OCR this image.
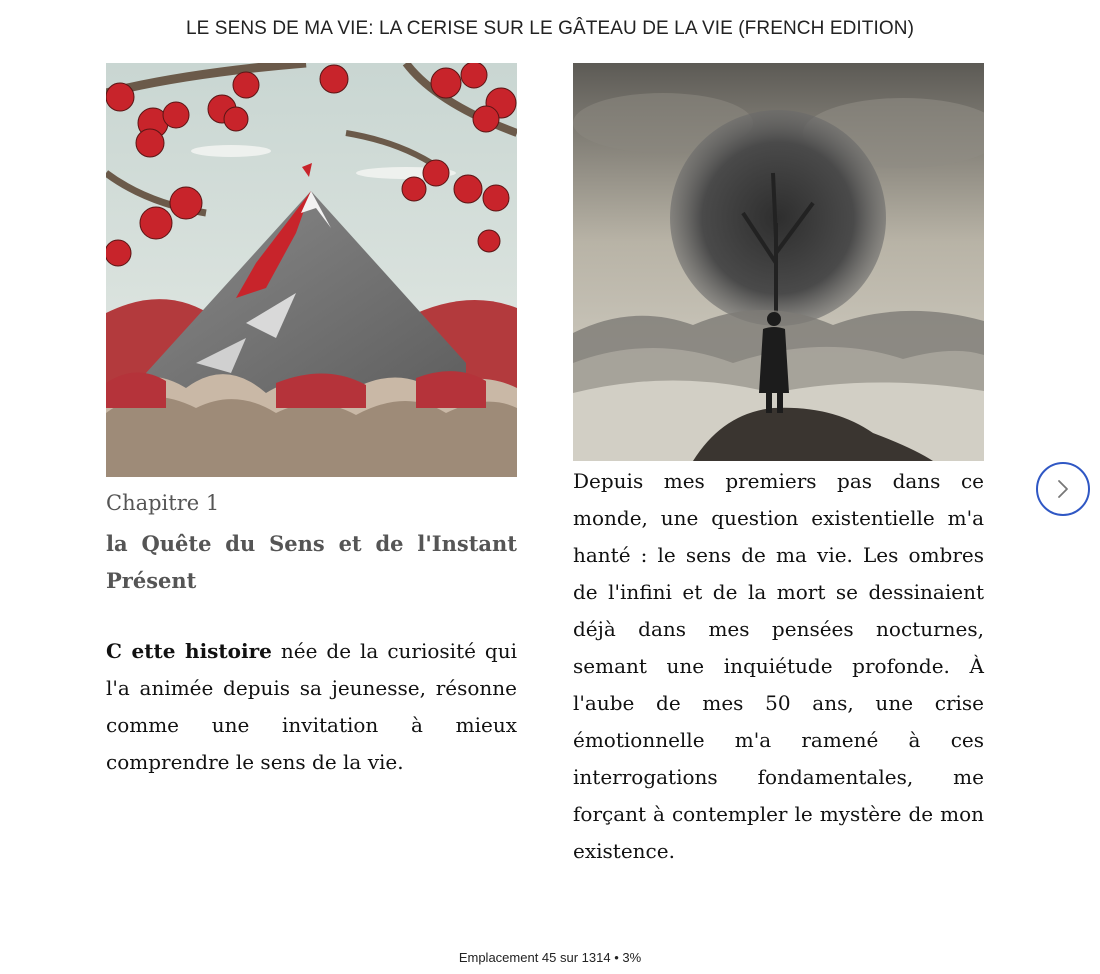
LE SENS DE MA VIE: LA CERISE SUR LE GÂTEAU DE LA VIE (FRENCH EDITION)
Chapitre 1
la Quête du Sens et de l'Instant Présent

C ette histoire née de la curiosité qui l'a animée depuis sa jeunesse, résonne comme une invitation à mieux comprendre le sens de la vie.

Depuis mes premiers pas dans ce monde, une question existentielle m'a hanté : le sens de ma vie. Les ombres de l'infini et de la mort se dessinaient déjà dans mes pensées nocturnes, semant une inquiétude profonde. À l'aube de mes 50 ans, une crise émotionnelle m'a ramené à ces interrogations fondamentales, me forçant à contempler le mystère de mon existence.

Emplacement 45 sur 1314 • 3%
